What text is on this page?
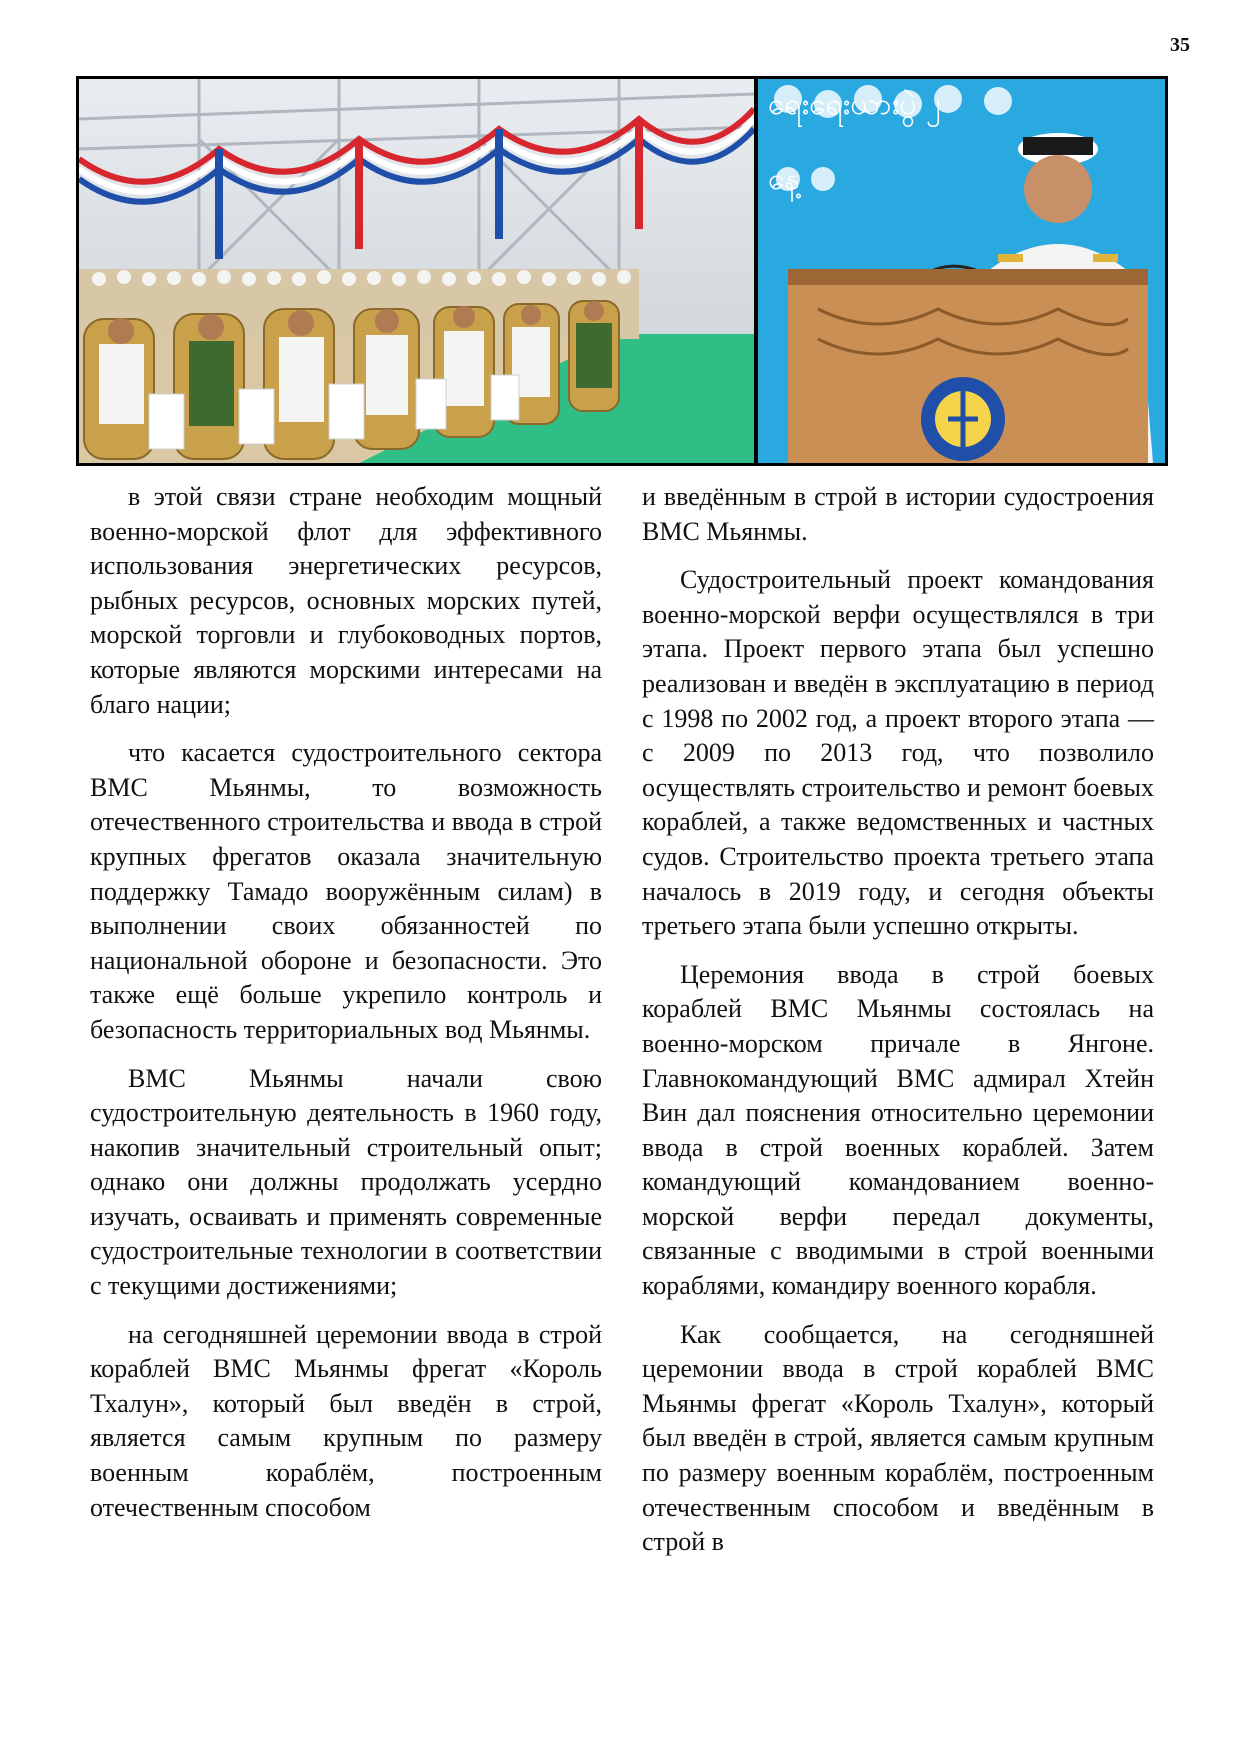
35
ရေးရေးယားပွဲ ၂
နေ့

в этой связи стране необходим мощный военно-морской флот для эффективного использования энергетических ресурсов, рыбных ресурсов, основных морских путей, морской торговли и глубоководных портов, которые являются морскими интересами на благо нации;

что касается судостроительного сектора ВМС Мьянмы, то возможность отечественного строительства и ввода в строй крупных фрегатов оказала значительную поддержку Тамадо вооружённым силам) в выполнении своих обязанностей по национальной обороне и безопасности. Это также ещё больше укрепило контроль и безопасность территориальных вод Мьянмы.

ВМС Мьянмы начали свою судостроительную деятельность в 1960 году, накопив значительный строительный опыт; однако они должны продолжать усердно изучать, осваивать и применять современные судостроительные технологии в соответствии с текущими достижениями;

на сегодняшней церемонии ввода в строй кораблей ВМС Мьянмы фрегат «Король Тхалун», который был введён в строй, является самым крупным по размеру военным кораблём, построенным отечественным способом

и введённым в строй в истории судостроения ВМС Мьянмы.

Судостроительный проект командования военно-морской верфи осуществлялся в три этапа. Проект первого этапа был успешно реализован и введён в эксплуатацию в период с 1998 по 2002 год, а проект второго этапа — с 2009 по 2013 год, что позволило осуществлять строительство и ремонт боевых кораблей, а также ведомственных и частных судов. Строительство проекта третьего этапа началось в 2019 году, и сегодня объекты третьего этапа были успешно открыты.

Церемония ввода в строй боевых кораблей ВМС Мьянмы состоялась на военно-морском причале в Янгоне. Главнокомандующий ВМС адмирал Хтейн Вин дал пояснения относительно церемонии ввода в строй военных кораблей. Затем командующий командованием военно-морской верфи передал документы, связанные с вводимыми в строй военными кораблями, командиру военного корабля.

Как сообщается, на сегодняшней церемонии ввода в строй кораблей ВМС Мьянмы фрегат «Король Тхалун», который был введён в строй, является самым крупным по размеру военным кораблём, построенным отечественным способом и введённым в строй в
